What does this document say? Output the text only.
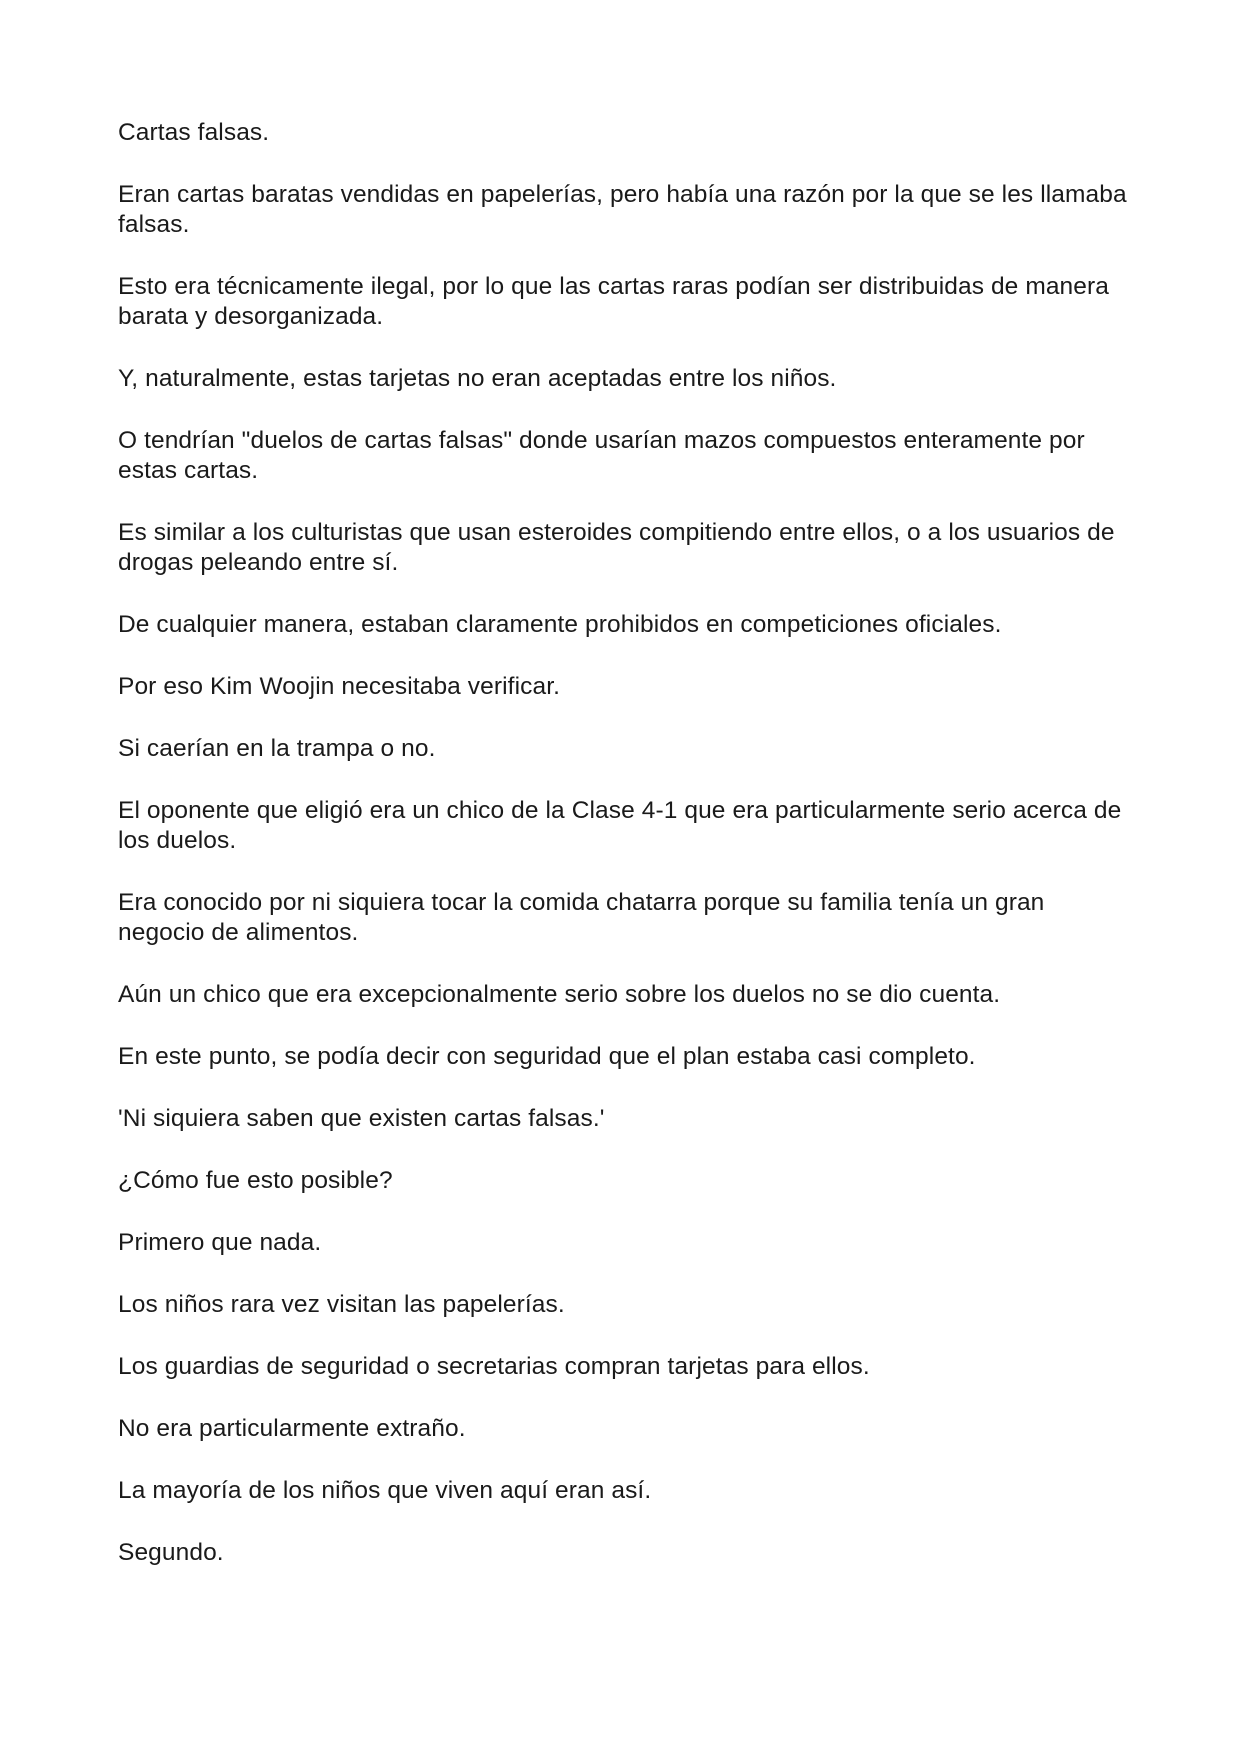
Cartas falsas.

Eran cartas baratas vendidas en papelerías, pero había una razón por la que se les llamaba falsas.

Esto era técnicamente ilegal, por lo que las cartas raras podían ser distribuidas de manera barata y desorganizada.

Y, naturalmente, estas tarjetas no eran aceptadas entre los niños.

O tendrían "duelos de cartas falsas" donde usarían mazos compuestos enteramente por estas cartas.

Es similar a los culturistas que usan esteroides compitiendo entre ellos, o a los usuarios de drogas peleando entre sí.

De cualquier manera, estaban claramente prohibidos en competiciones oficiales.

Por eso Kim Woojin necesitaba verificar.

Si caerían en la trampa o no.

El oponente que eligió era un chico de la Clase 4-1 que era particularmente serio acerca de los duelos.

Era conocido por ni siquiera tocar la comida chatarra porque su familia tenía un gran negocio de alimentos.

Aún un chico que era excepcionalmente serio sobre los duelos no se dio cuenta.

En este punto, se podía decir con seguridad que el plan estaba casi completo.

'Ni siquiera saben que existen cartas falsas.'

¿Cómo fue esto posible?

Primero que nada.

Los niños rara vez visitan las papelerías.

Los guardias de seguridad o secretarias compran tarjetas para ellos.

No era particularmente extraño.

La mayoría de los niños que viven aquí eran así.

Segundo.
